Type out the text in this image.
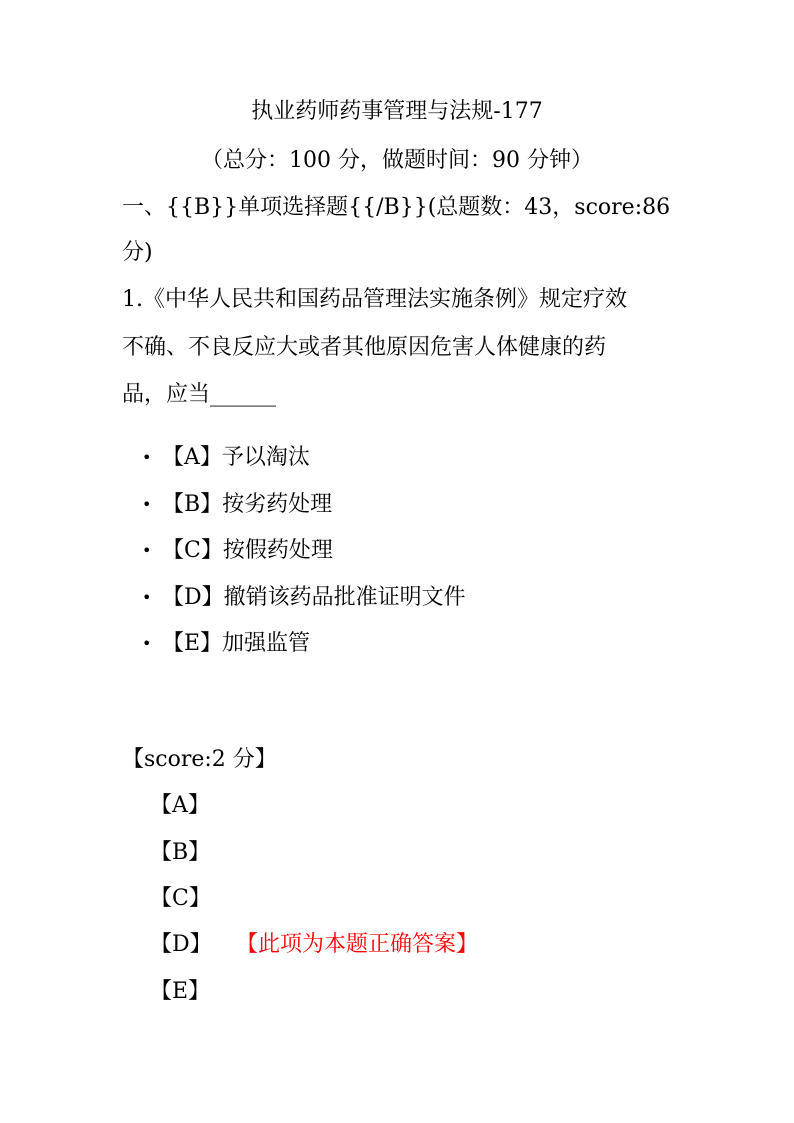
执业药师药事管理与法规-177
（总分：100 分，做题时间：90 分钟）
一、{{B}}单项选择题{{/B}}(总题数：43，score:86
分)
1.《中华人民共和国药品管理法实施条例》规定疗效
不确、不良反应大或者其他原因危害人体健康的药
品，应当______
• 【A】予以淘汰
• 【B】按劣药处理
• 【C】按假药处理
• 【D】撤销该药品批准证明文件
• 【E】加强监管
【score:2 分】
【A】
【B】
【C】
【D】 【此项为本题正确答案】
【E】
